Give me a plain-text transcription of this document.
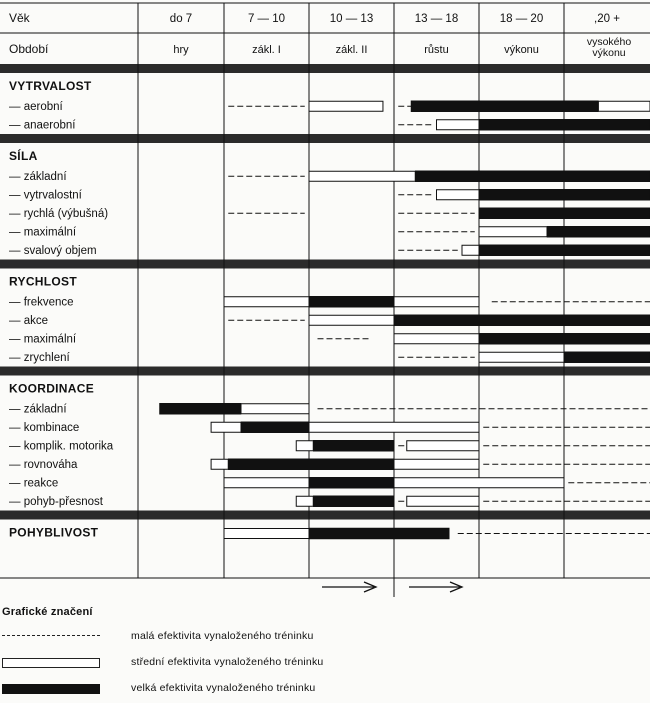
Věk
Období
do 7
hry
7 — 10
zákl. I
10 — 13
zákl. II
13 — 18
růstu
18 — 20
výkonu
,20 +
vysokého
výkonu
VYTRVALOST
— aerobní
— anaerobní
SÍLA
— základní
— vytrvalostní
— rychlá (výbušná)
— maximální
— svalový objem
RYCHLOST
— frekvence
— akce
— maximální
— zrychlení
KOORDINACE
— základní
— kombinace
— komplik. motorika
— rovnováha
— reakce
— pohyb-přesnost
POHYBLIVOST
Grafické značení
malá efektivita vynaloženého tréninku
střední efektivita vynaloženého tréninku
velká efektivita vynaloženého tréninku
